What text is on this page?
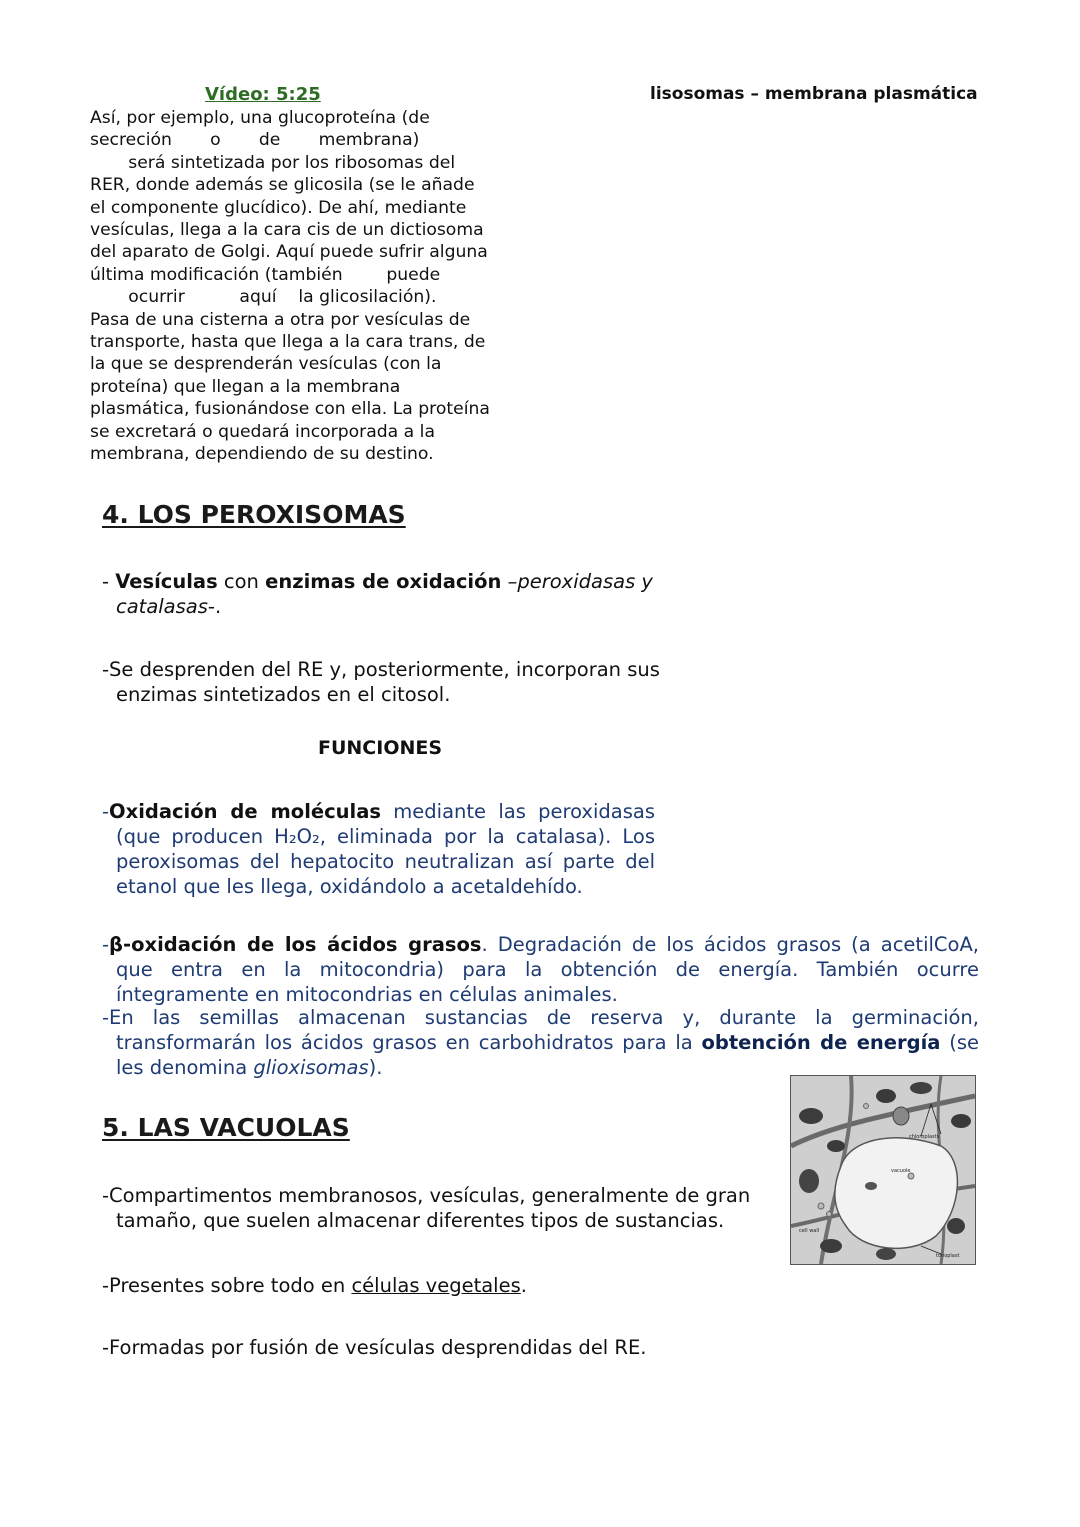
Vídeo: 5:25	lisosomas – membrana plasmática
Así, por ejemplo, una glucoproteína (de
secreción       o       de       membrana)
será sintetizada por los ribosomas del
RER, donde además se glicosila (se le añade
el componente glucídico). De ahí, mediante
vesículas, llega a la cara cis de un dictiosoma
del aparato de Golgi. Aquí puede sufrir alguna
última modificación (también        puede
ocurrir          aquí    la glicosilación).
Pasa de una cisterna a otra por vesículas de
transporte, hasta que llega a la cara trans, de
la que se desprenderán vesículas (con la
proteína) que llegan a la membrana
plasmática, fusionándose con ella. La proteína
se excretará o quedará incorporada a la
membrana, dependiendo de su destino.
4. LOS PEROXISOMAS
- Vesículas con enzimas de oxidación –peroxidasas y
catalasas-.
-Se desprenden del RE y, posteriormente, incorporan sus
enzimas sintetizados en el citosol.
FUNCIONES
-Oxidación de moléculas mediante las peroxidasas
(que producen H₂O₂, eliminada por la catalasa). Los
peroxisomas del hepatocito neutralizan así parte del
etanol que les llega, oxidándolo a acetaldehído.
-β-oxidación de los ácidos grasos. Degradación de los ácidos grasos (a acetilCoA,
que entra en la mitocondria) para la obtención de energía. También ocurre
íntegramente en mitocondrias en células animales.
-En las semillas almacenan sustancias de reserva y, durante la germinación,
transformarán los ácidos grasos en carbohidratos para la obtención de energía (se
les denomina glioxisomas).
5. LAS VACUOLAS
-Compartimentos membranosos, vesículas, generalmente de gran
tamaño, que suelen almacenar diferentes tipos de sustancias.
-Presentes sobre todo en células vegetales.
-Formadas por fusión de vesículas desprendidas del RE.
chloroplasts
vacuole
cell wall
tonoplast
